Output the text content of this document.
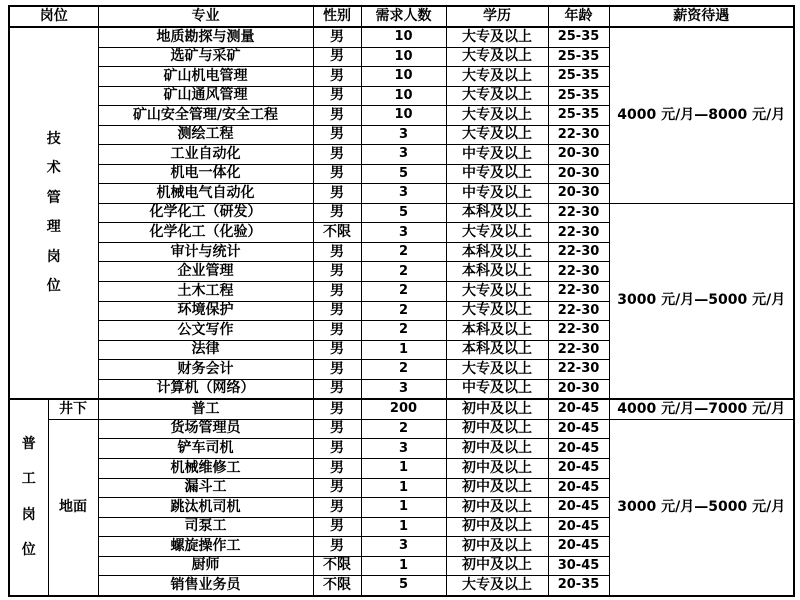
岗位		专业	性别	需求人数	学历	年龄	薪资待遇

技
术
管
理
岗
位
	地质勘探与测量	男	10	大专及以上	25-35	4000 元/月—8000 元/月
		选矿与采矿	男	10	大专及以上	25-35	
		矿山机电管理	男	10	大专及以上	25-35	
		矿山通风管理	男	10	大专及以上	25-35	
		矿山安全管理/安全工程	男	10	大专及以上	25-35	
		测绘工程	男	3	大专及以上	22-30	
		工业自动化	男	3	中专及以上	20-30	
		机电一体化	男	5	中专及以上	20-30	
		机械电气自动化	男	3	中专及以上	20-30	
		化学化工（研发）	男	5	本科及以上	22-30	3000 元/月—5000 元/月
		化学化工（化验）	不限	3	大专及以上	22-30	
		审计与统计	男	2	本科及以上	22-30	
		企业管理	男	2	本科及以上	22-30	
		土木工程	男	2	大专及以上	22-30	
		环境保护	男	2	大专及以上	22-30	
		公文写作	男	2	本科及以上	22-30	
		法律	男	1	本科及以上	22-30	
		财务会计	男	2	大专及以上	22-30	
		计算机（网络）	男	3	中专及以上	20-30	

普
工
岗
位	井下	普工	男	200	初中及以上	20-45	4000 元/月—7000 元/月
	地面	货场管理员	男	2	初中及以上	20-45	3000 元/月—5000 元/月
		铲车司机	男	3	初中及以上	20-45	
		机械维修工	男	1	初中及以上	20-45	
		漏斗工	男	1	初中及以上	20-45	
		跳汰机司机	男	1	初中及以上	20-45	
		司泵工	男	1	初中及以上	20-45	
		螺旋操作工	男	3	初中及以上	20-45	
		厨师	不限	1	初中及以上	30-45	
		销售业务员	不限	5	大专及以上	20-35	
